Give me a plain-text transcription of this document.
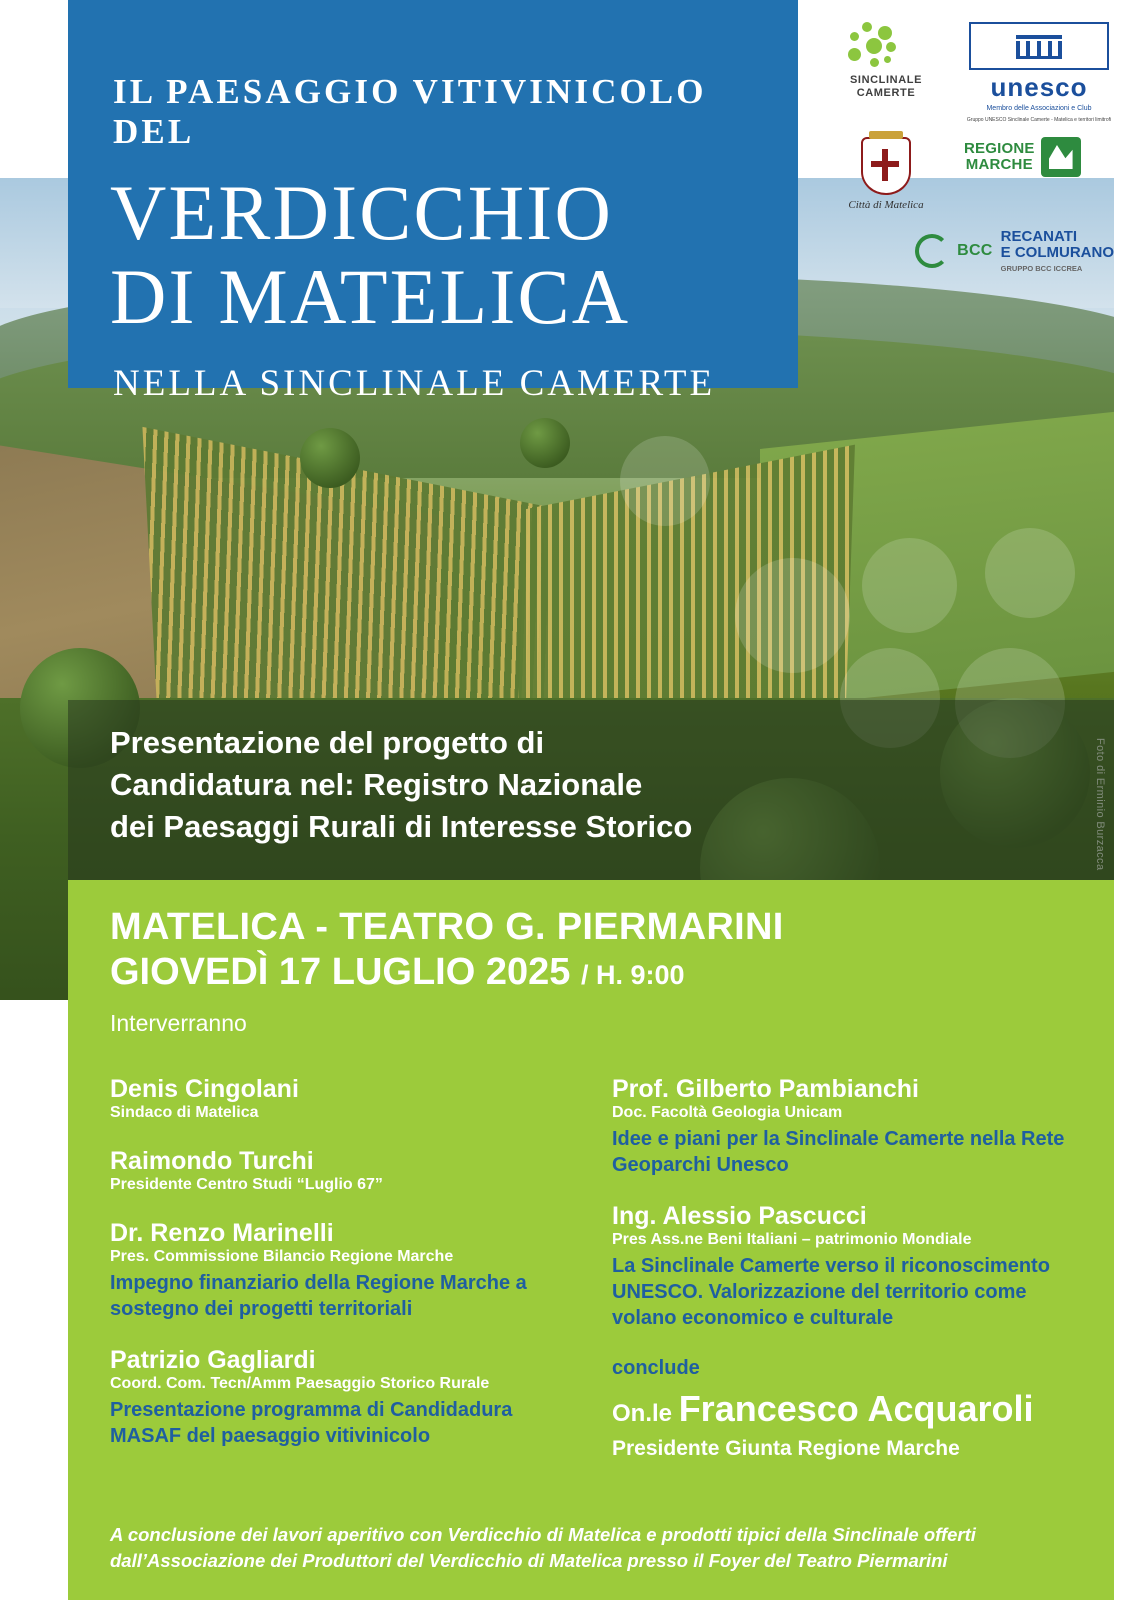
IL PAESAGGIO VITIVINICOLO DEL
VERDICCHIO
DI MATELICA
NELLA SINCLINALE CAMERTE
SINCLINALE
CAMERTE	unesco
Membro delle Associazioni e Club
Gruppo UNESCO Sinclinale Camerte - Matelica e territori limitrofi
Città di Matelica
REGIONE
MARCHE
BCC
RECANATI
E COLMURANO
GRUPPO BCC ICCREA

Presentazione del progetto di

Candidatura nel: Registro Nazionale

dei Paesaggi Rurali di Interesse Storico

MATELICA - TEATRO G. PIERMARINI
GIOVEDÌ 17 LUGLIO 2025 / H. 9:00
Interverranno
Denis Cingolani
Sindaco di Matelica
Raimondo Turchi
Presidente Centro Studi “Luglio 67”
Dr. Renzo Marinelli
Pres. Commissione Bilancio Regione Marche
Impegno finanziario della Regione Marche a sostegno dei progetti territoriali
Patrizio Gagliardi
Coord. Com. Tecn/Amm Paesaggio Storico Rurale
Presentazione programma di Candidadura MASAF del paesaggio vitivinicolo
Prof. Gilberto Pambianchi
Doc. Facoltà Geologia Unicam
Idee e piani per la Sinclinale Camerte nella Rete Geoparchi Unesco
Ing. Alessio Pascucci
Pres Ass.ne Beni Italiani – patrimonio Mondiale
La Sinclinale Camerte verso il riconoscimento UNESCO. Valorizzazione del territorio come volano economico e culturale
conclude
On.le Francesco Acquaroli
Presidente Giunta Regione Marche
A conclusione dei lavori aperitivo con Verdicchio di Matelica e prodotti tipici della Sinclinale offerti
dall’Associazione dei Produttori del Verdicchio di Matelica presso il Foyer del Teatro Piermarini
